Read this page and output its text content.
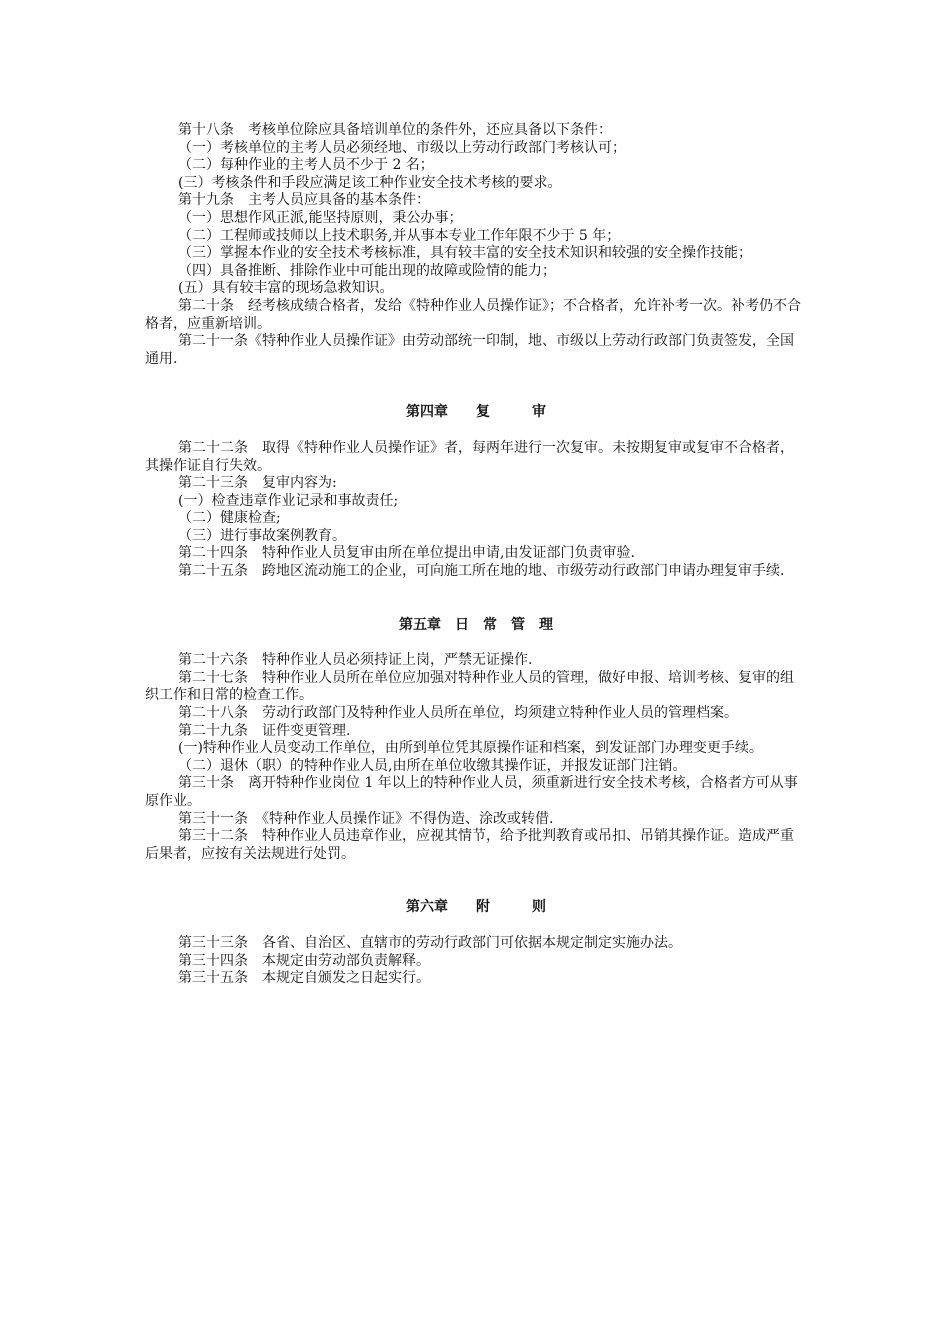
第十八条　考核单位除应具备培训单位的条件外，还应具备以下条件：

（一）考核单位的主考人员必须经地、市级以上劳动行政部门考核认可；

（二）每种作业的主考人员不少于 2 名；

(三）考核条件和手段应满足该工种作业安全技术考核的要求。

第十九条　主考人员应具备的基本条件：

（一）思想作风正派,能坚持原则，秉公办事；

（二）工程师或技师以上技术职务,并从事本专业工作年限不少于 5 年；

（三）掌握本作业的安全技术考核标准，具有较丰富的安全技术知识和较强的安全操作技能；

（四）具备推断、排除作业中可能出现的故障或险情的能力；

(五）具有较丰富的现场急救知识。

第二十条　经考核成绩合格者，发给《特种作业人员操作证》；不合格者，允许补考一次。补考仍不合格者，应重新培训。

第二十一条《特种作业人员操作证》由劳动部统一印制，地、市级以上劳动行政部门负责签发，全国通用.

第四章　　复　　　审

第二十二条　取得《特种作业人员操作证》者，每两年进行一次复审。未按期复审或复审不合格者，其操作证自行失效。

第二十三条　复审内容为:

(一）检查违章作业记录和事故责任;

（二）健康检查;

（三）进行事故案例教育。

第二十四条　特种作业人员复审由所在单位提出申请,由发证部门负责审验.

第二十五条　跨地区流动施工的企业，可向施工所在地的地、市级劳动行政部门申请办理复审手续.

第五章　日　常　管　理

第二十六条　特种作业人员必须持证上岗，严禁无证操作.

第二十七条　特种作业人员所在单位应加强对特种作业人员的管理，做好申报、培训考核、复审的组织工作和日常的检查工作。

第二十八条　劳动行政部门及特种作业人员所在单位，均须建立特种作业人员的管理档案。

第二十九条　证件变更管理.

(一)特种作业人员变动工作单位，由所到单位凭其原操作证和档案，到发证部门办理变更手续。

（二）退休（职）的特种作业人员,由所在单位收缴其操作证，并报发证部门注销。

第三十条　离开特种作业岗位 1 年以上的特种作业人员，须重新进行安全技术考核，合格者方可从事原作业。

第三十一条　《特种作业人员操作证》不得伪造、涂改或转借.

第三十二条　特种作业人员违章作业，应视其情节，给予批判教育或吊扣、吊销其操作证。造成严重后果者，应按有关法规进行处罚。

第六章　　附　　　则

第三十三条　各省、自治区、直辖市的劳动行政部门可依据本规定制定实施办法。

第三十四条　本规定由劳动部负责解释。

第三十五条　本规定自颁发之日起实行。
